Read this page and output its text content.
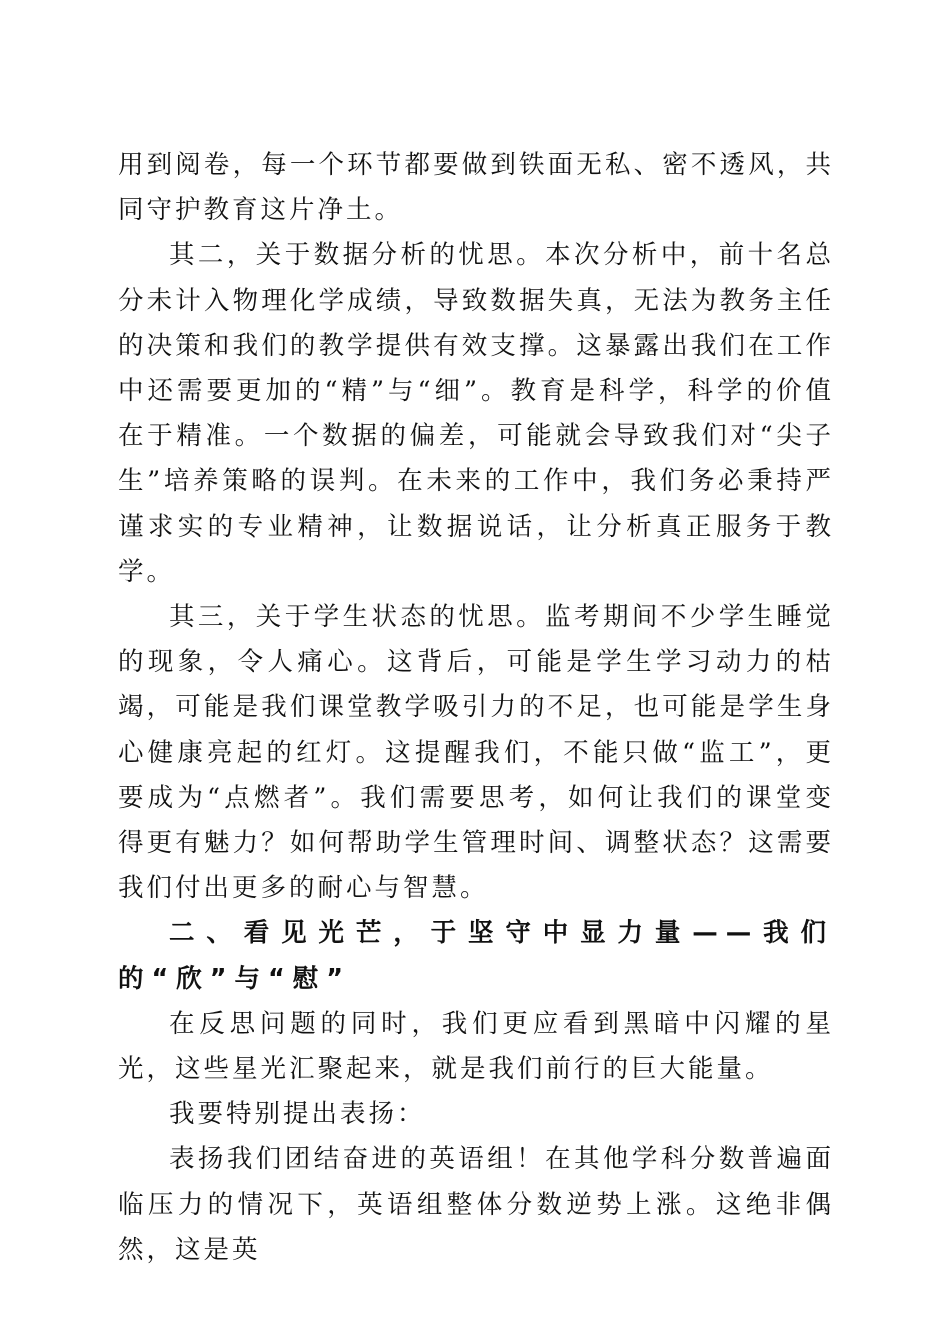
用到阅卷，每一个环节都要做到铁面无私、密不透风，共同守护教育这片净土。

其二，关于数据分析的忧思。本次分析中，前十名总分未计入物理化学成绩，导致数据失真，无法为教务主任的决策和我们的教学提供有效支撑。这暴露出我们在工作中还需要更加的“精”与“细”。教育是科学，科学的价值在于精准。一个数据的偏差，可能就会导致我们对“尖子生”培养策略的误判。在未来的工作中，我们务必秉持严谨求实的专业精神，让数据说话，让分析真正服务于教学。

其三，关于学生状态的忧思。监考期间不少学生睡觉的现象，令人痛心。这背后，可能是学生学习动力的枯竭，可能是我们课堂教学吸引力的不足，也可能是学生身心健康亮起的红灯。这提醒我们，不能只做“监工”，更要成为“点燃者”。我们需要思考，如何让我们的课堂变得更有魅力？如何帮助学生管理时间、调整状态？这需要我们付出更多的耐心与智慧。

二、看见光芒，于坚守中显力量——我们的“欣”与“慰”

在反思问题的同时，我们更应看到黑暗中闪耀的星光，这些星光汇聚起来，就是我们前行的巨大能量。

我要特别提出表扬：

表扬我们团结奋进的英语组！在其他学科分数普遍面临压力的情况下，英语组整体分数逆势上涨。这绝非偶然，这是英
